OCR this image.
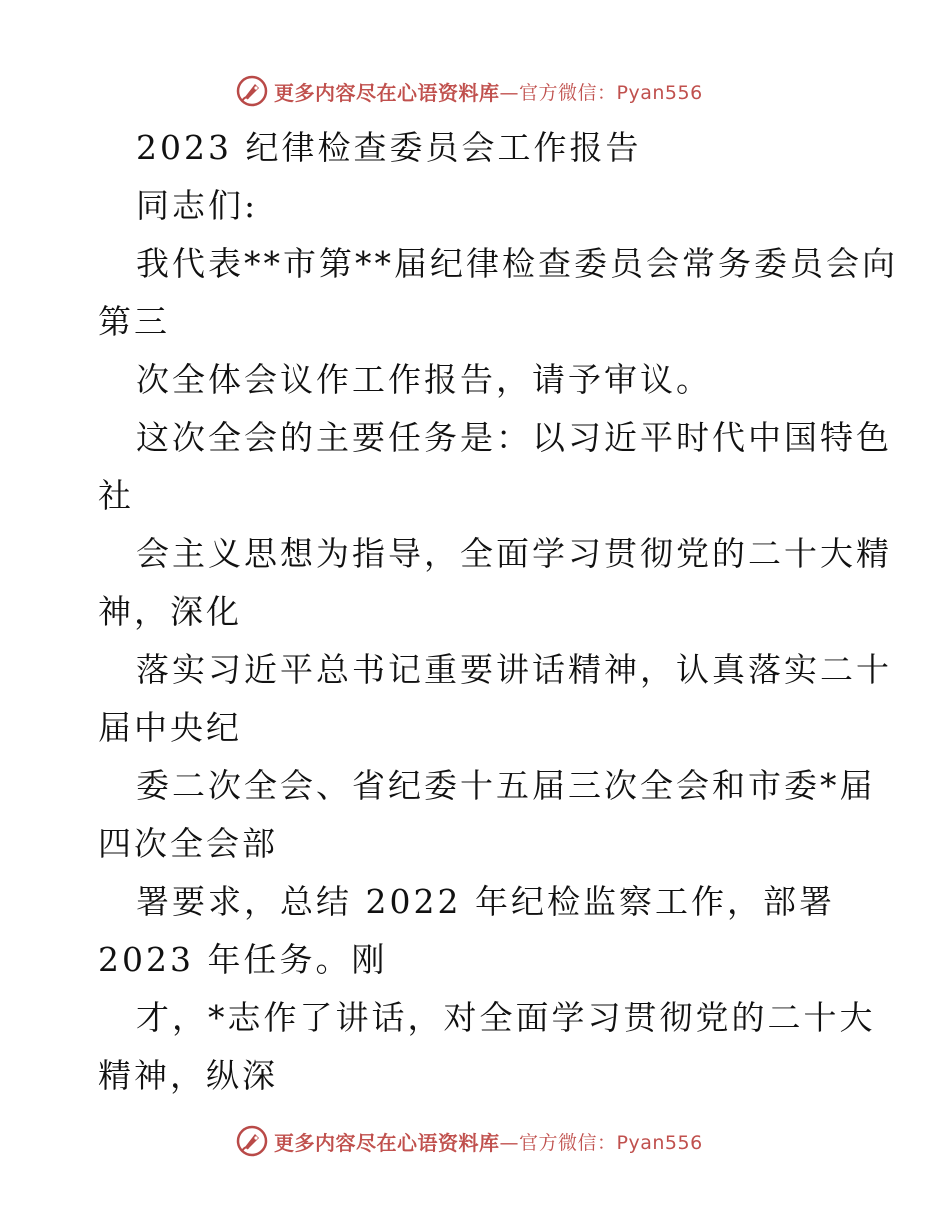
更多内容尽在心语资料库 —官方微信：Pyan556
2023 纪律检查委员会工作报告
同志们:
我代表**市第**届纪律检查委员会常务委员会向
第三
次全体会议作工作报告，请予审议。
这次全会的主要任务是：以习近平时代中国特色
社
会主义思想为指导，全面学习贯彻党的二十大精
神，深化
落实习近平总书记重要讲话精神，认真落实二十
届中央纪
委二次全会、省纪委十五届三次全会和市委*届
四次全会部
署要求，总结 2022 年纪检监察工作，部署
2023 年任务。刚
才，*志作了讲话，对全面学习贯彻党的二十大
精神，纵深
更多内容尽在心语资料库 —官方微信：Pyan556
